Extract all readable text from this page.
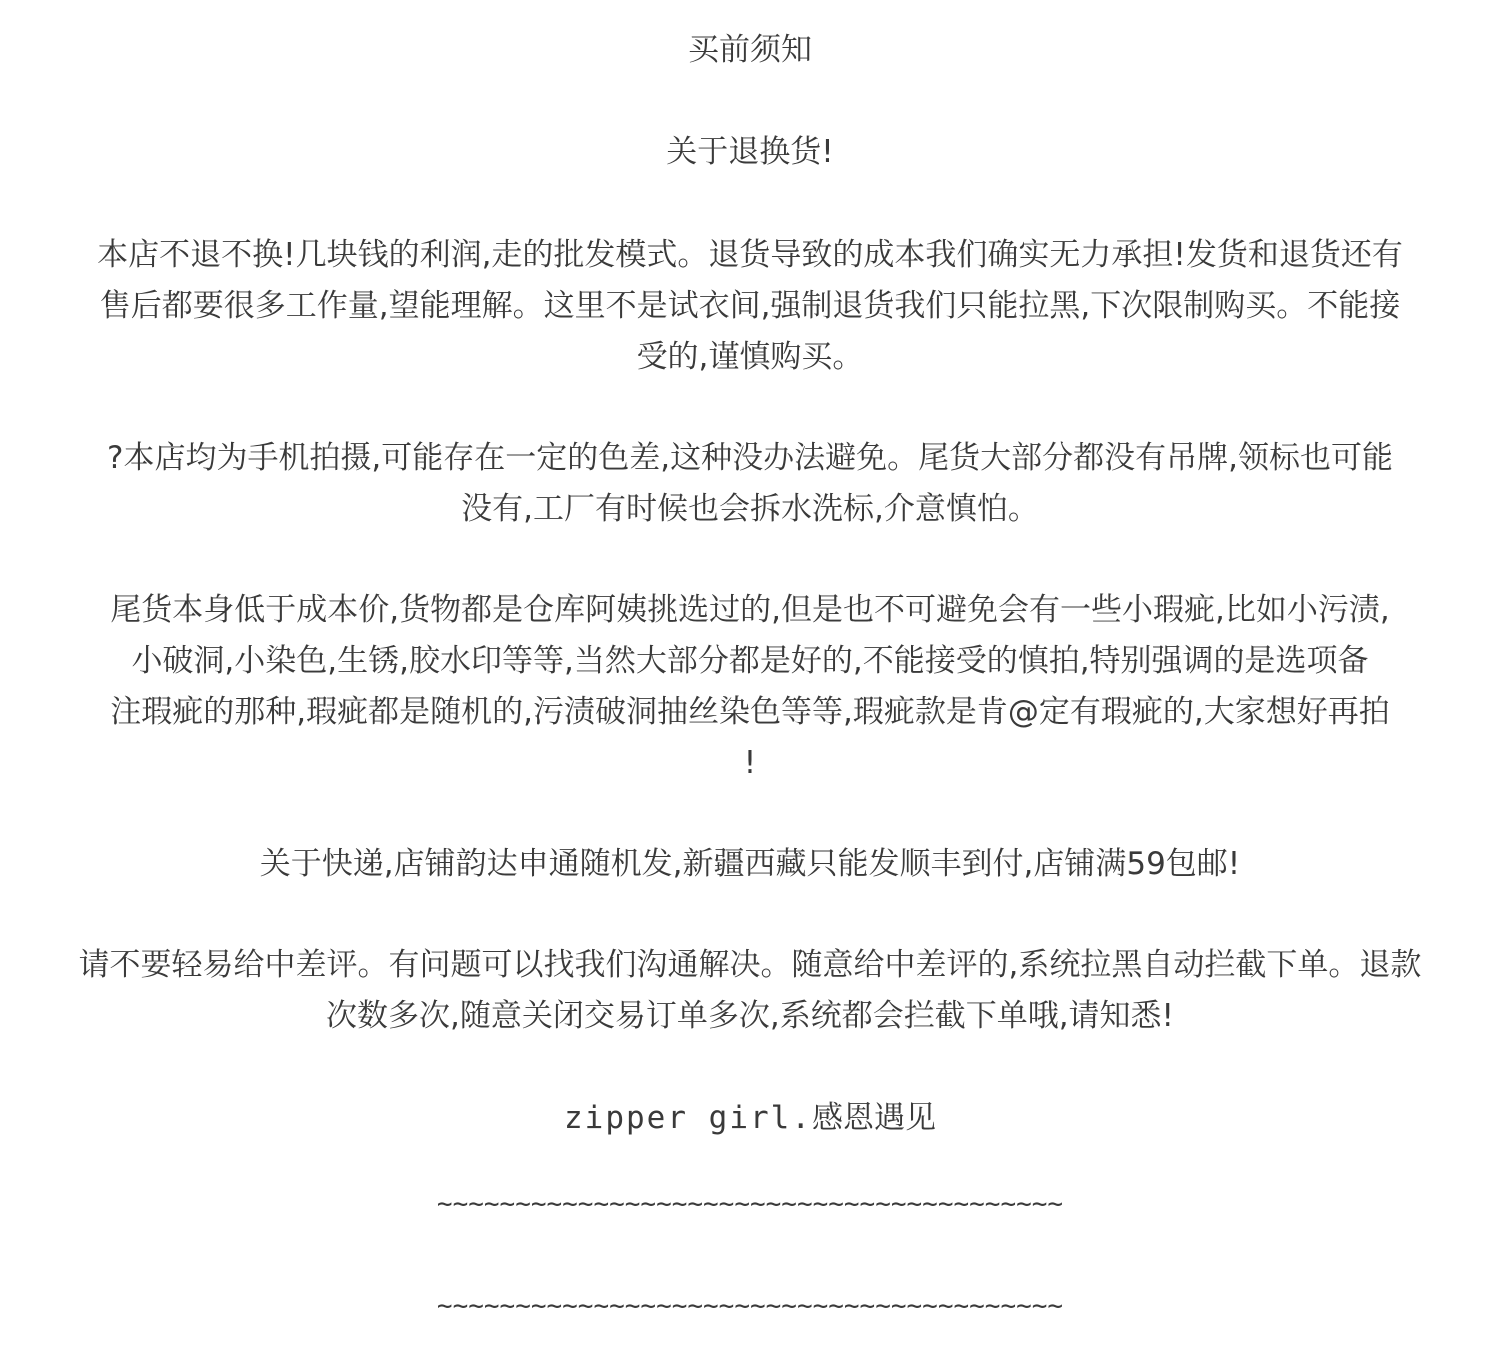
买前须知
关于退换货!
本店不退不换!几块钱的利润,走的批发模式。退货导致的成本我们确实无力承担!发货和退货还有
售后都要很多工作量,望能理解。这里不是试衣间,强制退货我们只能拉黑,下次限制购买。不能接
受的,谨慎购买。
?本店均为手机拍摄,可能存在一定的色差,这种没办法避免。尾货大部分都没有吊牌,领标也可能
没有,工厂有时候也会拆水洗标,介意慎怕。
尾货本身低于成本价,货物都是仓库阿姨挑选过的,但是也不可避免会有一些小瑕疵,比如小污渍,
小破洞,小染色,生锈,胶水印等等,当然大部分都是好的,不能接受的慎拍,特别强调的是选项备
注瑕疵的那种,瑕疵都是随机的,污渍破洞抽丝染色等等,瑕疵款是肯@定有瑕疵的,大家想好再拍
!
关于快递,店铺韵达申通随机发,新疆西藏只能发顺丰到付,店铺满59包邮!
请不要轻易给中差评。有问题可以找我们沟通解决。随意给中差评的,系统拉黑自动拦截下单。退款
次数多次,随意关闭交易订单多次,系统都会拦截下单哦,请知悉!
zipper girl.感恩遇见
~~~~~~~~~~~~~~~~~~~~~~~~~~~~~~~~~~~~~~~~
~~~~~~~~~~~~~~~~~~~~~~~~~~~~~~~~~~~~~~~~
